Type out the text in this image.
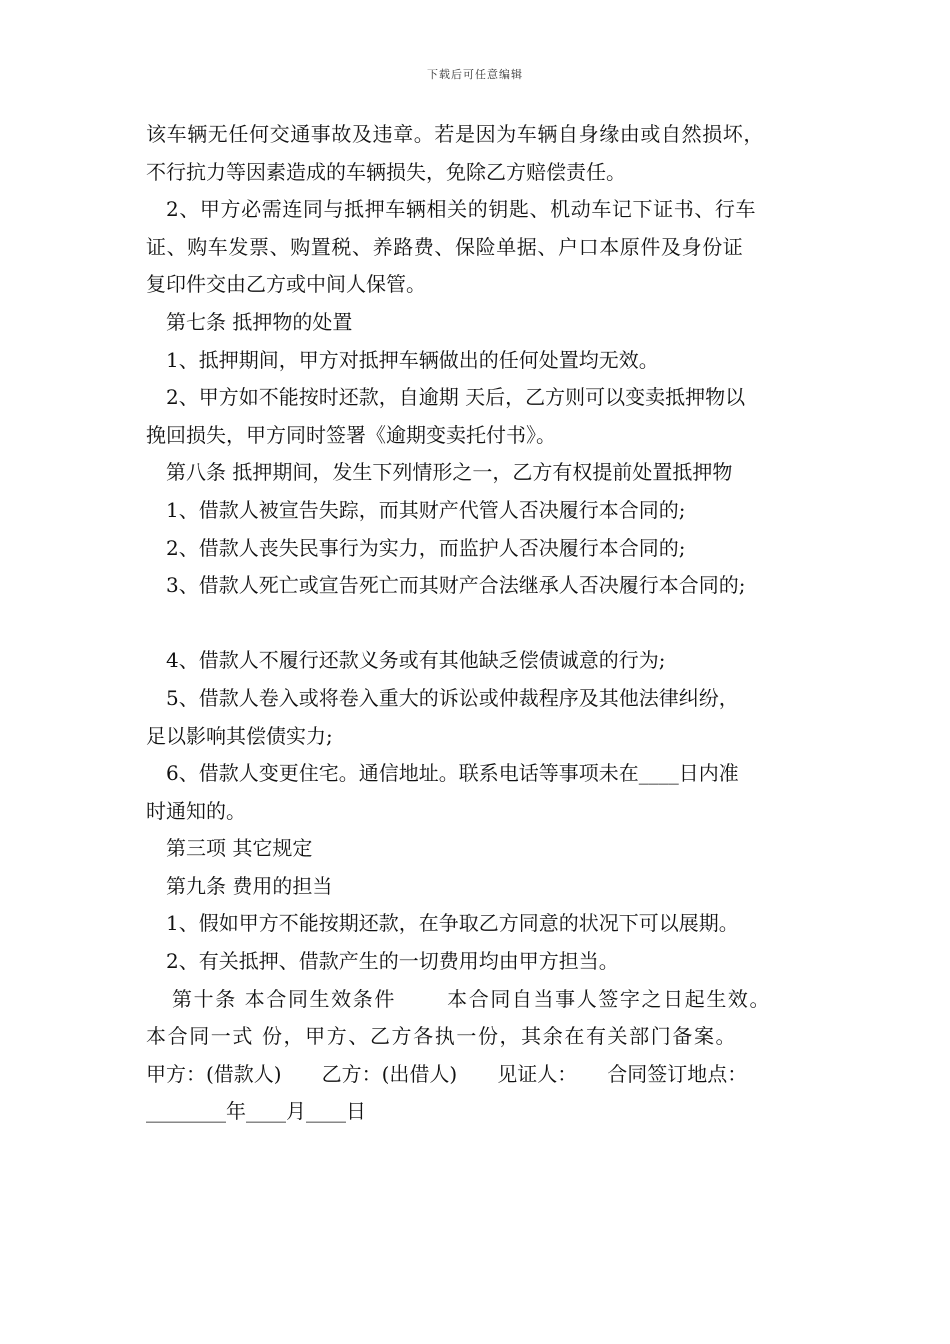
下载后可任意编辑

该车辆无任何交通事故及违章。若是因为车辆自身缘由或自然损坏，

不行抗力等因素造成的车辆损失，免除乙方赔偿责任。

2、甲方必需连同与抵押车辆相关的钥匙、机动车记下证书、行车

证、购车发票、购置税、养路费、保险单据、户口本原件及身份证

复印件交由乙方或中间人保管。

第七条 抵押物的处置

1、抵押期间，甲方对抵押车辆做出的任何处置均无效。

2、甲方如不能按时还款，自逾期 天后，乙方则可以变卖抵押物以

挽回损失，甲方同时签署《逾期变卖托付书》。

第八条 抵押期间，发生下列情形之一，乙方有权提前处置抵押物

1、借款人被宣告失踪，而其财产代管人否决履行本合同的;

2、借款人丧失民事行为实力，而监护人否决履行本合同的;

3、借款人死亡或宣告死亡而其财产合法继承人否决履行本合同的;

4、借款人不履行还款义务或有其他缺乏偿债诚意的行为;

5、借款人卷入或将卷入重大的诉讼或仲裁程序及其他法律纠纷，

足以影响其偿债实力;

6、借款人变更住宅。通信地址。联系电话等事项未在____日内准

时通知的。

第三项 其它规定

第九条 费用的担当

1、假如甲方不能按期还款，在争取乙方同意的状况下可以展期。

2、有关抵押、借款产生的一切费用均由甲方担当。

第十条 本合同生效条件 　　本合同自当事人签字之日起生效。

本合同一式 份，甲方、乙方各执一份，其余在有关部门备案。

甲方：(借款人)　　乙方：(出借人)　　见证人：　　合同签订地点：

________年____月____日
